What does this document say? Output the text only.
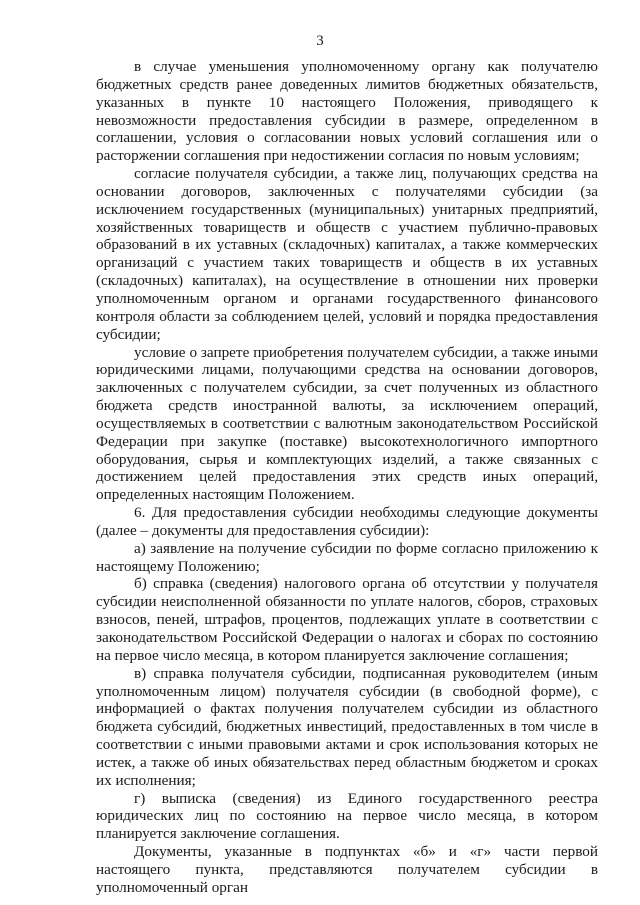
3

в случае уменьшения уполномоченному органу как получателю бюджетных средств ранее доведенных лимитов бюджетных обязательств, указанных в пункте 10 настоящего Положения, приводящего к невозможности предоставления субсидии в размере, определенном в соглашении, условия о согласовании новых условий соглашения или о расторжении соглашения при недостижении согласия по новым условиям;

согласие получателя субсидии, а также лиц, получающих средства на основании договоров, заключенных с получателями субсидии (за исключением государственных (муниципальных) унитарных предприятий, хозяйственных товариществ и обществ с участием публично-правовых образований в их уставных (складочных) капиталах, а также коммерческих организаций с участием таких товариществ и обществ в их уставных (складочных) капиталах), на осуществление в отношении них проверки уполномоченным органом и органами государственного финансового контроля области за соблюдением целей, условий и порядка предоставления субсидии;

условие о запрете приобретения получателем субсидии, а также иными юридическими лицами, получающими средства на основании договоров, заключенных с получателем субсидии, за счет полученных из областного бюджета средств иностранной валюты, за исключением операций, осуществляемых в соответствии с валютным законодательством Российской Федерации при закупке (поставке) высокотехнологичного импортного оборудования, сырья и комплектующих изделий, а также связанных с достижением целей предоставления этих средств иных операций, определенных настоящим Положением.

6. Для предоставления субсидии необходимы следующие документы (далее – документы для предоставления субсидии):

а) заявление на получение субсидии по форме согласно приложению к настоящему Положению;

б) справка (сведения) налогового органа об отсутствии у получателя субсидии неисполненной обязанности по уплате налогов, сборов, страховых взносов, пеней, штрафов, процентов, подлежащих уплате в соответствии с законодательством Российской Федерации о налогах и сборах по состоянию на первое число месяца, в котором планируется заключение соглашения;

в) справка получателя субсидии, подписанная руководителем (иным уполномоченным лицом) получателя субсидии (в свободной форме), с информацией о фактах получения получателем субсидии из областного бюджета субсидий, бюджетных инвестиций, предоставленных в том числе в соответствии с иными правовыми актами и срок использования которых не истек, а также об иных обязательствах перед областным бюджетом и сроках их исполнения;

г) выписка (сведения) из Единого государственного реестра юридических лиц по состоянию на первое число месяца, в котором планируется заключение соглашения.

Документы, указанные в подпунктах «б» и «г» части первой настоящего пункта, представляются получателем субсидии в уполномоченный орган
